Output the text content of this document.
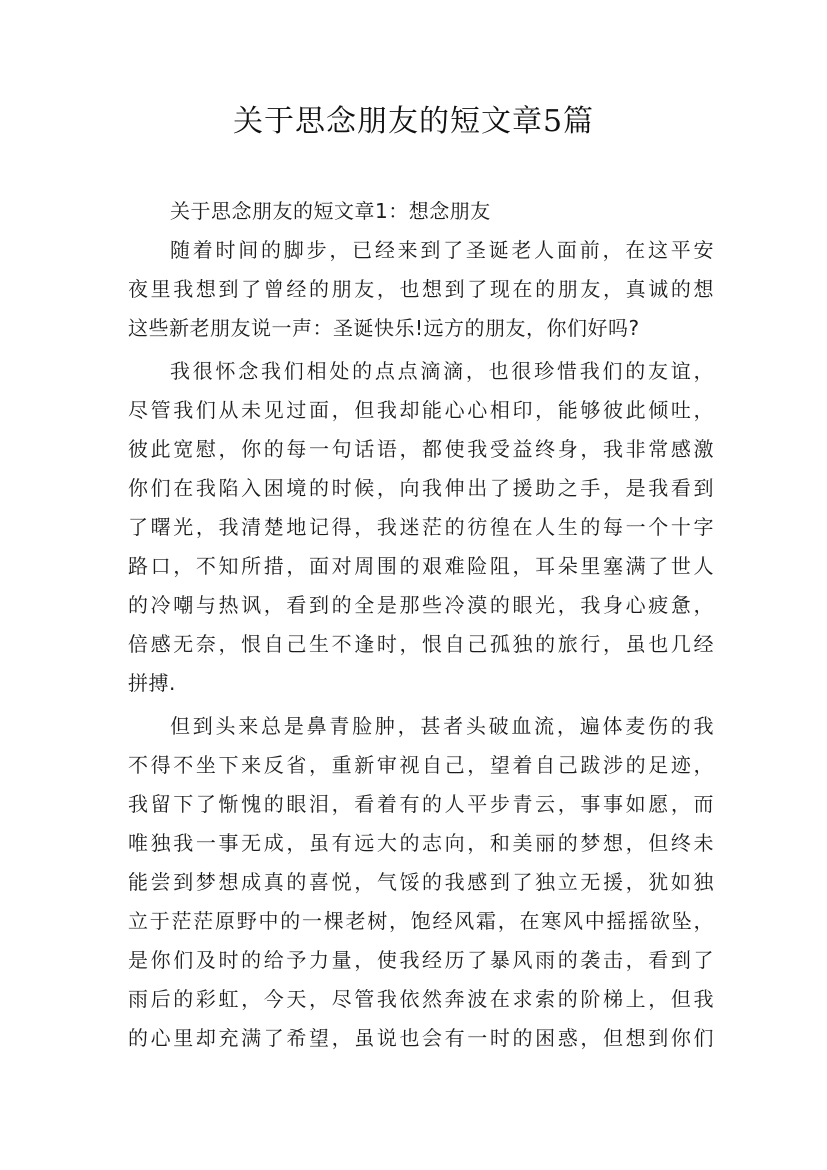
关于思念朋友的短文章5篇
关于思念朋友的短文章1：想念朋友
随着时间的脚步，已经来到了圣诞老人面前，在这平安
夜里我想到了曾经的朋友，也想到了现在的朋友，真诚的想
这些新老朋友说一声：圣诞快乐!远方的朋友，你们好吗?
我很怀念我们相处的点点滴滴，也很珍惜我们的友谊，
尽管我们从未见过面，但我却能心心相印，能够彼此倾吐，
彼此宽慰，你的每一句话语，都使我受益终身，我非常感激
你们在我陷入困境的时候，向我伸出了援助之手，是我看到
了曙光，我清楚地记得，我迷茫的彷徨在人生的每一个十字
路口，不知所措，面对周围的艰难险阻，耳朵里塞满了世人
的冷嘲与热讽，看到的全是那些冷漠的眼光，我身心疲惫，
倍感无奈，恨自己生不逢时，恨自己孤独的旅行，虽也几经
拼搏.
但到头来总是鼻青脸肿，甚者头破血流，遍体麦伤的我
不得不坐下来反省，重新审视自己，望着自己跋涉的足迹，
我留下了惭愧的眼泪，看着有的人平步青云，事事如愿，而
唯独我一事无成，虽有远大的志向，和美丽的梦想，但终未
能尝到梦想成真的喜悦，气馁的我感到了独立无援，犹如独
立于茫茫原野中的一棵老树，饱经风霜，在寒风中摇摇欲坠，
是你们及时的给予力量，使我经历了暴风雨的袭击，看到了
雨后的彩虹，今天，尽管我依然奔波在求索的阶梯上，但我
的心里却充满了希望，虽说也会有一时的困惑，但想到你们
